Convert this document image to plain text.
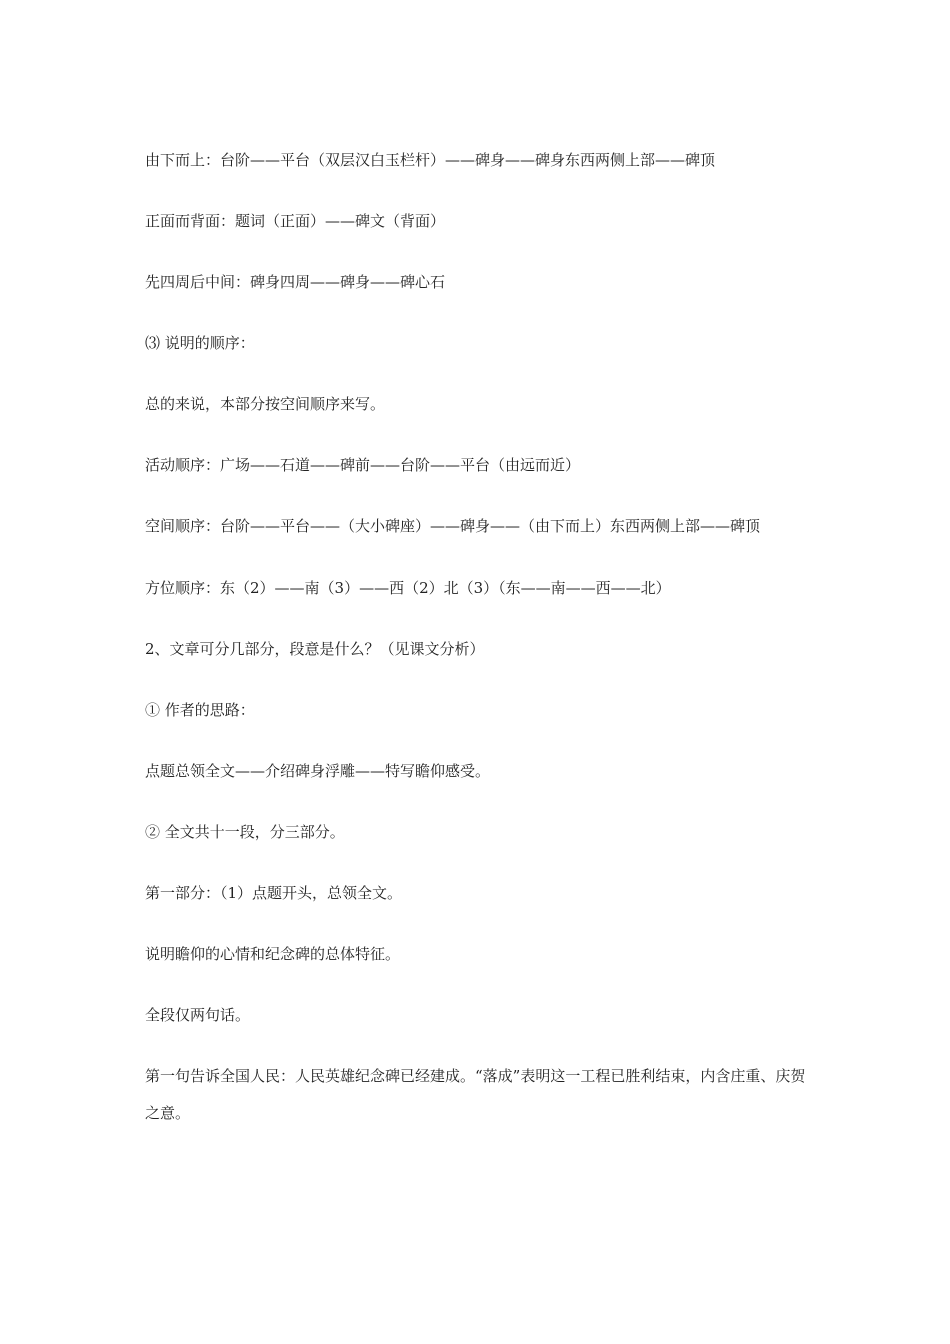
由下而上：台阶——平台（双层汉白玉栏杆）——碑身——碑身东西两侧上部——碑顶

正面而背面：题词（正面）——碑文（背面）

先四周后中间：碑身四周——碑身——碑心石

⑶ 说明的顺序：

总的来说，本部分按空间顺序来写。

活动顺序：广场——石道——碑前——台阶——平台（由远而近）

空间顺序：台阶——平台——（大小碑座）——碑身——（由下而上）东西两侧上部——碑顶

方位顺序：东（2）——南（3）——西（2）北（3）（东——南——西——北）

2、文章可分几部分，段意是什么？（见课文分析）

① 作者的思路：

点题总领全文——介绍碑身浮雕——特写瞻仰感受。

② 全文共十一段，分三部分。

第一部分：（1）点题开头，总领全文。

说明瞻仰的心情和纪念碑的总体特征。

全段仅两句话。

第一句告诉全国人民：人民英雄纪念碑已经建成。“落成”表明这一工程已胜利结束，内含庄重、庆贺之意。
